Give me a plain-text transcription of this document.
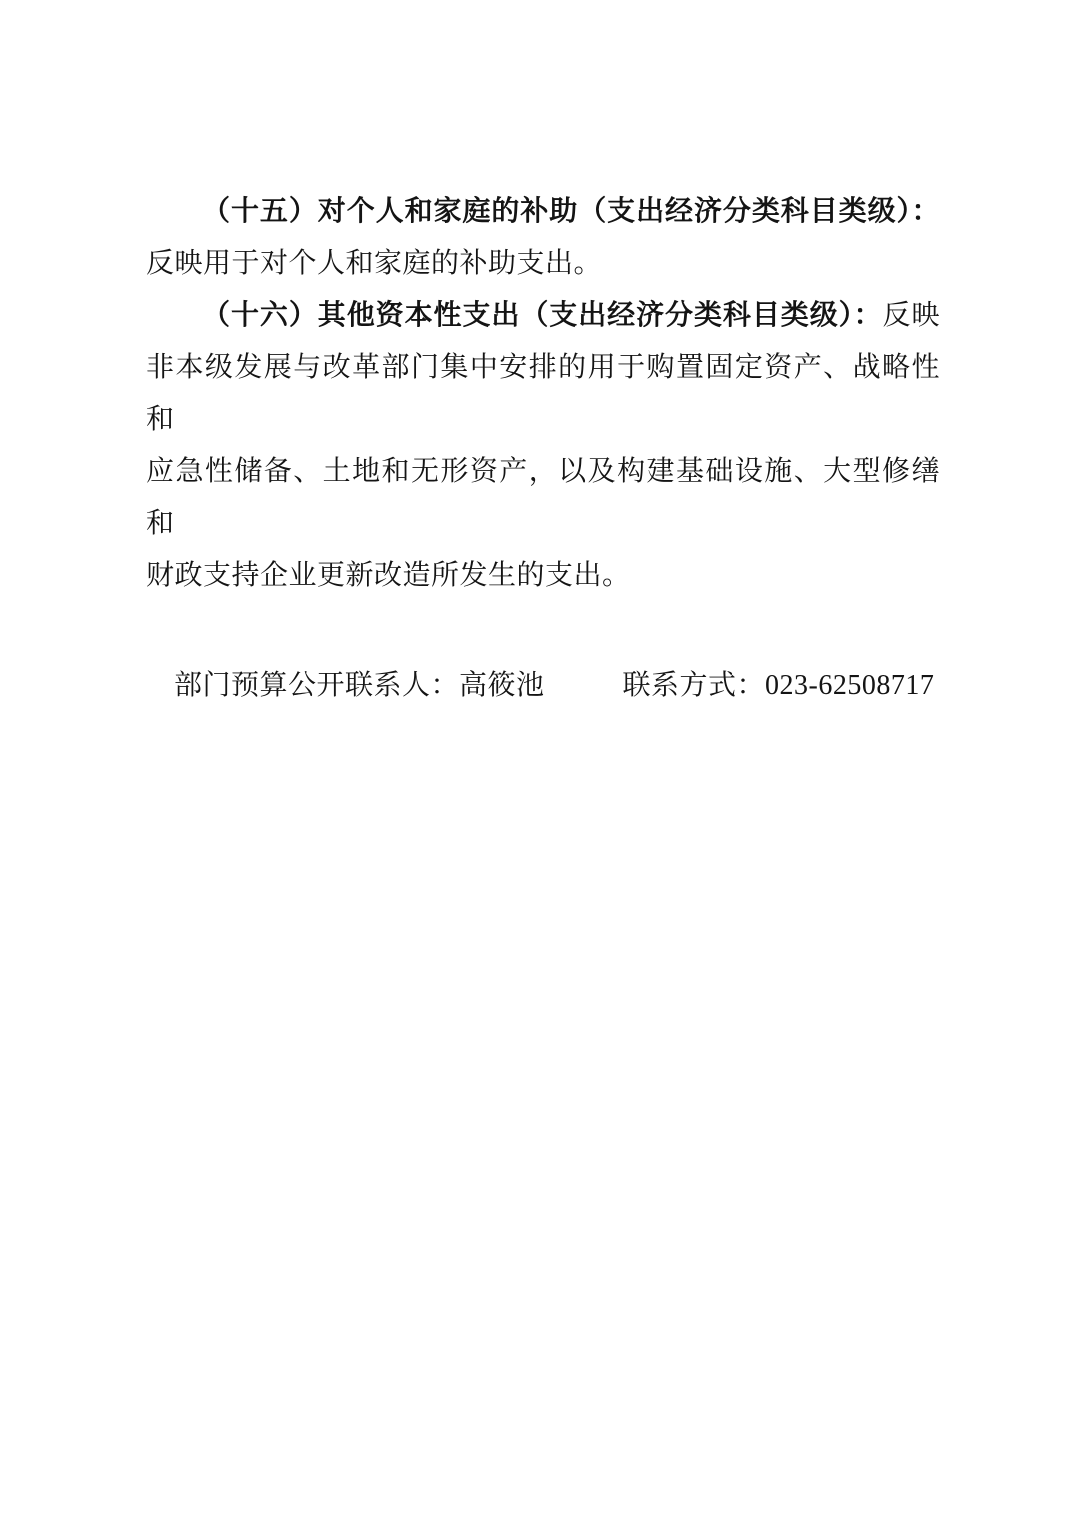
（十五）对个人和家庭的补助（支出经济分类科目类级）：
反映用于对个人和家庭的补助支出。
（十六）其他资本性支出（支出经济分类科目类级）：反映
非本级发展与改革部门集中安排的用于购置固定资产、战略性和
应急性储备、土地和无形资产，以及构建基础设施、大型修缮和
财政支持企业更新改造所发生的支出。
部门预算公开联系人：高筱池	联系方式：023-62508717
